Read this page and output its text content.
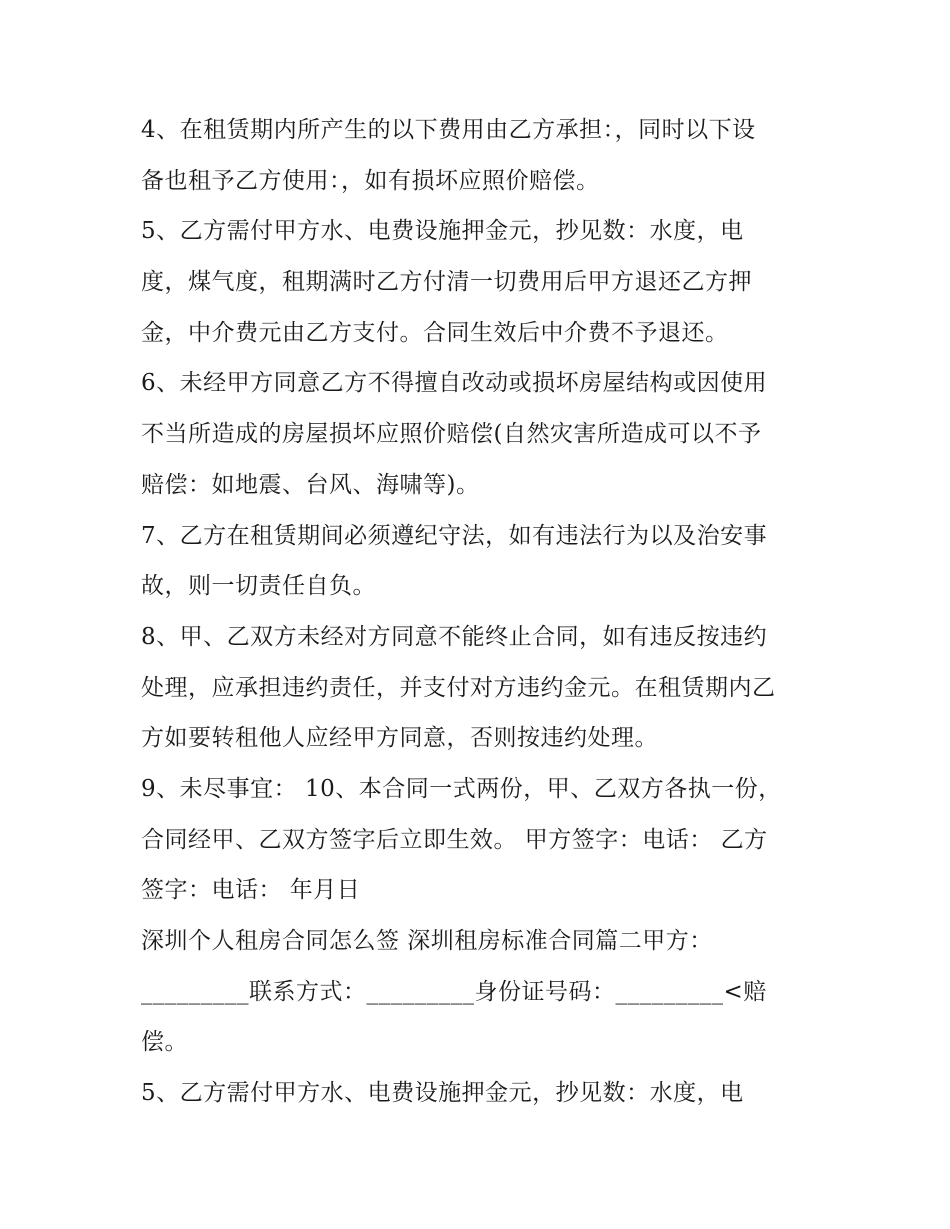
4、在租赁期内所产生的以下费用由乙方承担：，同时以下设
备也租予乙方使用：，如有损坏应照价赔偿。
5、乙方需付甲方水、电费设施押金元，抄见数：水度，电
度，煤气度，租期满时乙方付清一切费用后甲方退还乙方押
金，中介费元由乙方支付。合同生效后中介费不予退还。
6、未经甲方同意乙方不得擅自改动或损坏房屋结构或因使用
不当所造成的房屋损坏应照价赔偿(自然灾害所造成可以不予
赔偿：如地震、台风、海啸等)。
7、乙方在租赁期间必须遵纪守法，如有违法行为以及治安事
故，则一切责任自负。
8、甲、乙双方未经对方同意不能终止合同，如有违反按违约
处理，应承担违约责任，并支付对方违约金元。在租赁期内乙
方如要转租他人应经甲方同意，否则按违约处理。
9、未尽事宜： 10、本合同一式两份，甲、乙双方各执一份，
合同经甲、乙双方签字后立即生效。 甲方签字：电话： 乙方
签字：电话： 年月日
深圳个人租房合同怎么签 深圳租房标准合同篇二甲方：
_________联系方式：_________身份证号码：_________<赔
偿。
5、乙方需付甲方水、电费设施押金元，抄见数：水度，电
